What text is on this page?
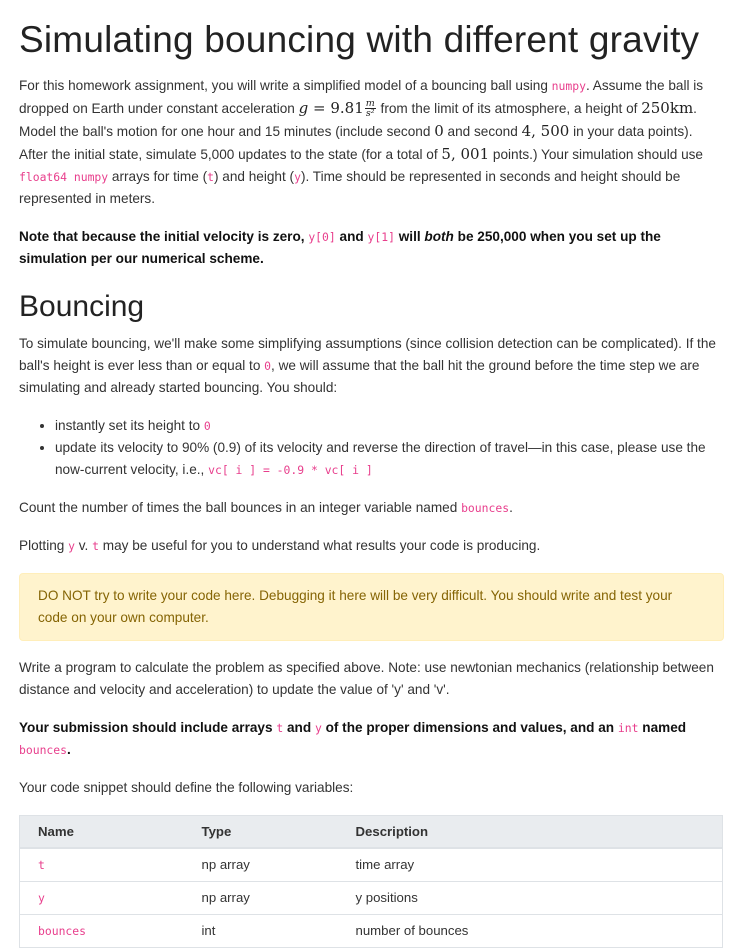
Simulating bouncing with different gravity

For this homework assignment, you will write a simplified model of a bouncing ball using numpy. Assume the ball is dropped on Earth under constant acceleration $g = 9.81 \frac{m}{\text{s²}}$ from the limit of its atmosphere, a height of 250km. Model the ball's motion for one hour and 15 minutes (include second 0 and second 4, 500 in your data points). After the initial state, simulate 5,000 updates to the state (for a total of 5, 001 points.) Your simulation should use float64 numpy arrays for time (t) and height (y). Time should be represented in seconds and height should be represented in meters.

Note that because the initial velocity is zero, y[0] and y[1] will both be 250,000 when you set up the simulation per our numerical scheme.

Bouncing

To simulate bouncing, we'll make some simplifying assumptions (since collision detection can be complicated). If the ball's height is ever less than or equal to 0, we will assume that the ball hit the ground before the time step we are simulating and already started bouncing. You should:

• instantly set its height to 0
• update its velocity to 90% (0.9) of its velocity and reverse the direction of travel—in this case, please use the now-current velocity, i.e., vc[ i ] = -0.9 * vc[ i ]

Count the number of times the ball bounces in an integer variable named bounces.

Plotting y v. t may be useful for you to understand what results your code is producing.

DO NOT try to write your code here. Debugging it here will be very difficult. You should write and test your code on your own computer.

Write a program to calculate the problem as specified above. Note: use newtonian mechanics (relationship between distance and velocity and acceleration) to update the value of 'y' and 'v'.

Your submission should include arrays t and y of the proper dimensions and values, and an int named bounces.

Your code snippet should define the following variables:

Name	Type	Description
t	np array	time array
y	np array	y positions
bounces	int	number of bounces
